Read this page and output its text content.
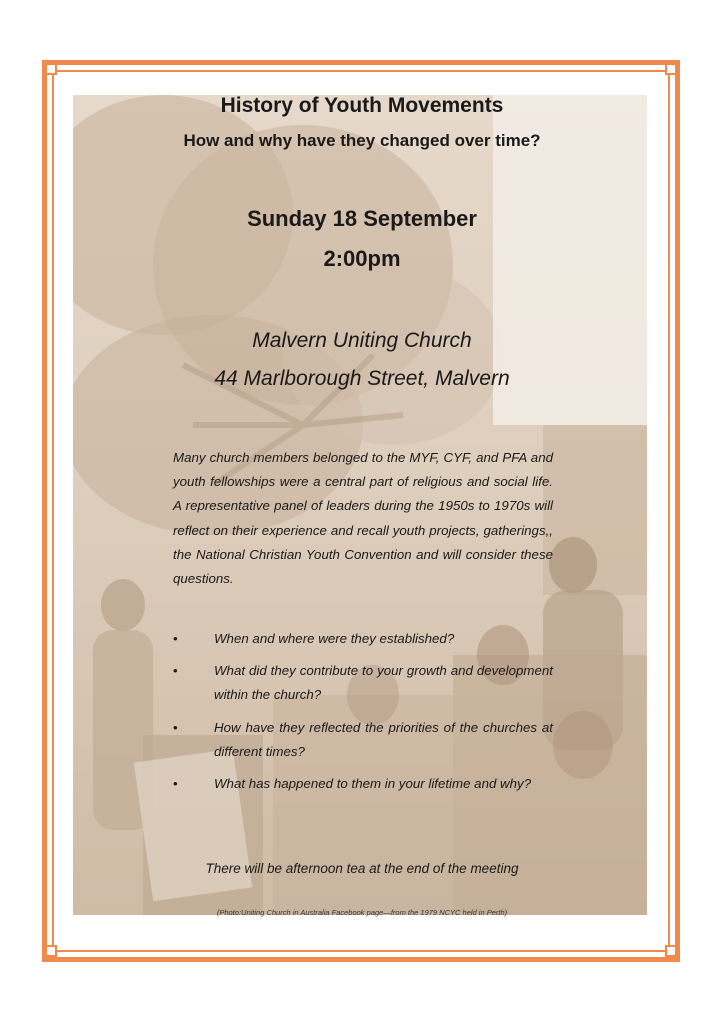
History of Youth Movements
How and why have they changed over time?
Sunday 18 September
2:00pm

Malvern Uniting Church

44 Marlborough Street, Malvern

Many church members belonged to the MYF, CYF, and PFA and youth fellowships were a central part of religious and social life. A representative panel of leaders during the 1950s to 1970s will reflect on their experience and recall youth projects, gatherings,, the National Christian Youth Convention and will consider these questions.

•	When and where were they established?
•	What did they contribute to your growth and development within the church?
•	How have they reflected the priorities of the churches at different times?
•	What has happened to them in your lifetime and why?

There will be afternoon tea at the end of the meeting

(Photo:Uniting Church in Australia Facebook page—from the 1979 NCYC held in Perth)
